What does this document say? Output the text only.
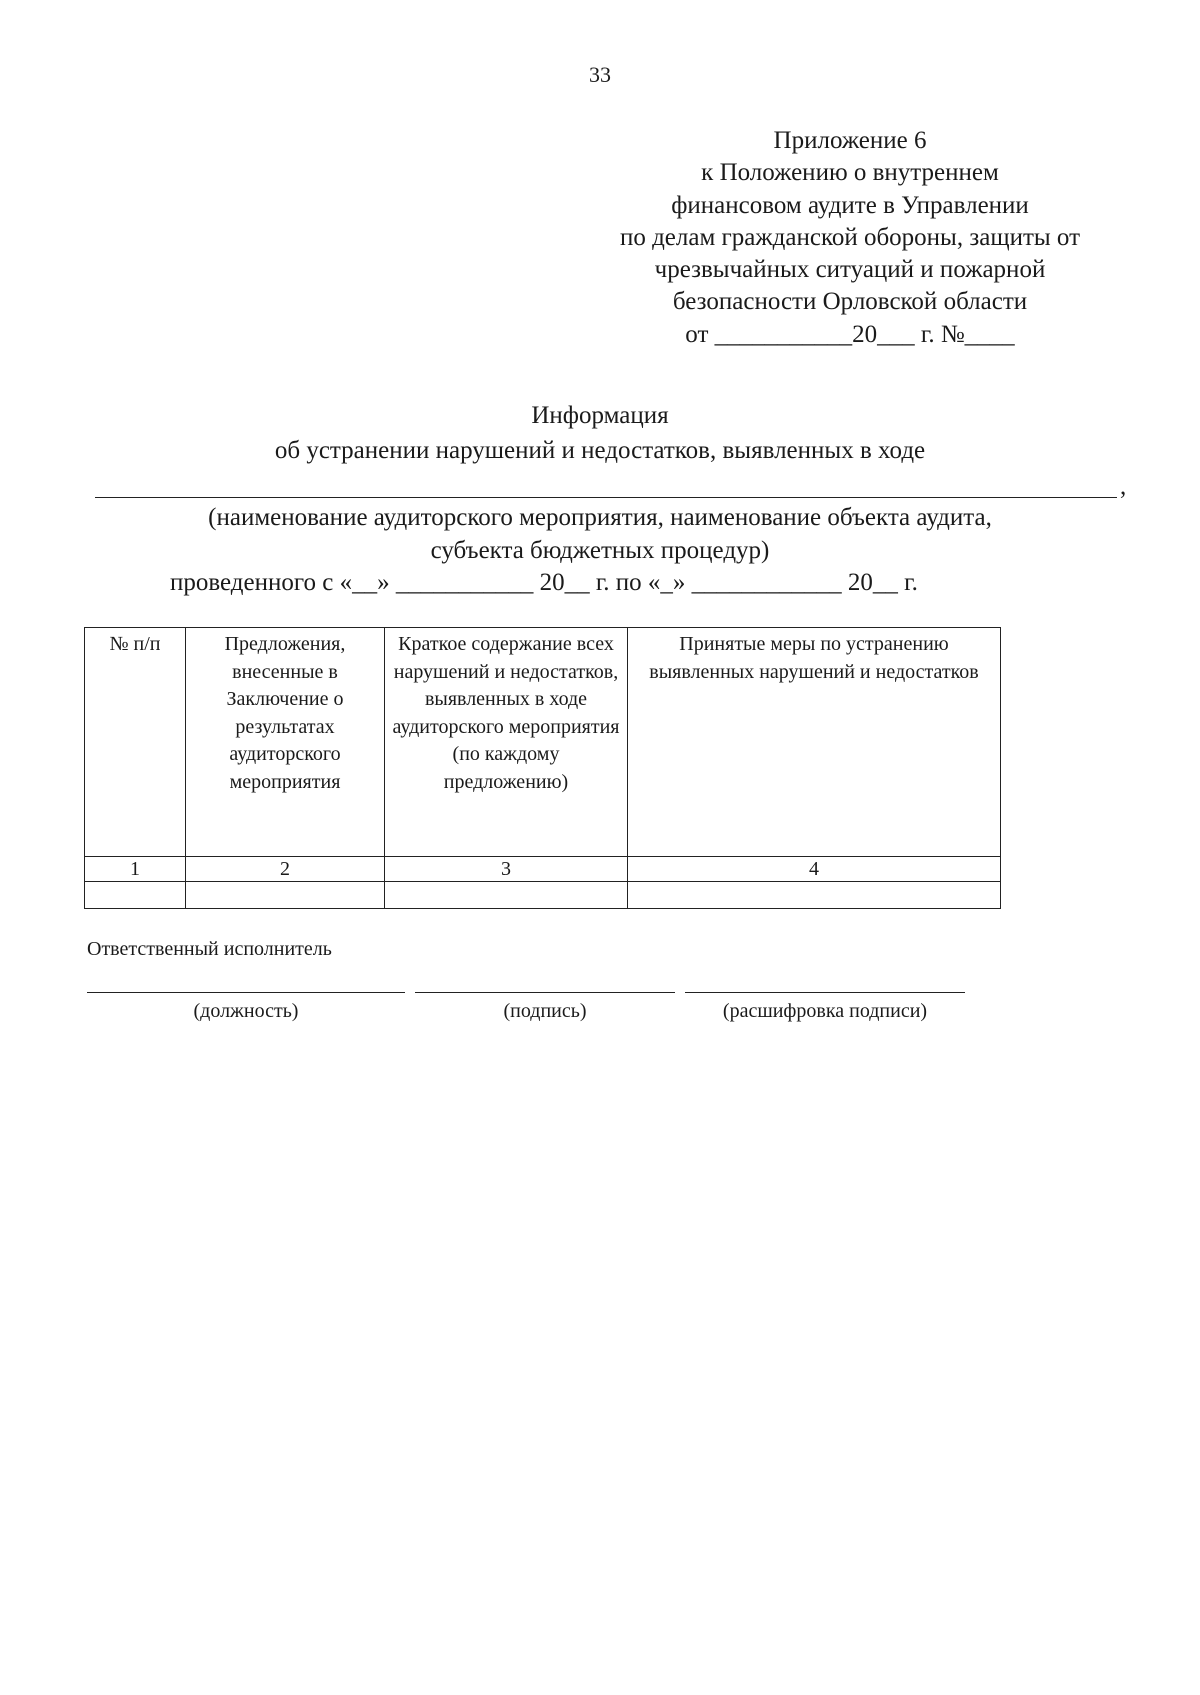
33
Приложение 6
к Положению о внутреннем
финансовом аудите в Управлении
по делам гражданской обороны, защиты от
чрезвычайных ситуаций и пожарной
безопасности Орловской области
от ___________20___ г. №____
Информация
об устранении нарушений и недостатков, выявленных в ходе
,
(наименование аудиторского мероприятия, наименование объекта аудита,
субъекта бюджетных процедур)
проведенного с «__» ___________ 20__ г. по «_» ____________ 20__ г.
№ п/п	Предложения, внесенные в Заключение о результатах аудиторского мероприятия	Краткое содержание всех нарушений и недостатков, выявленных в ходе аудиторского мероприятия (по каждому предложению)	Принятые меры по устранению выявленных нарушений и недостатков
1	2	3	4

Ответственный исполнитель
(должность)	(подпись)	(расшифровка подписи)
